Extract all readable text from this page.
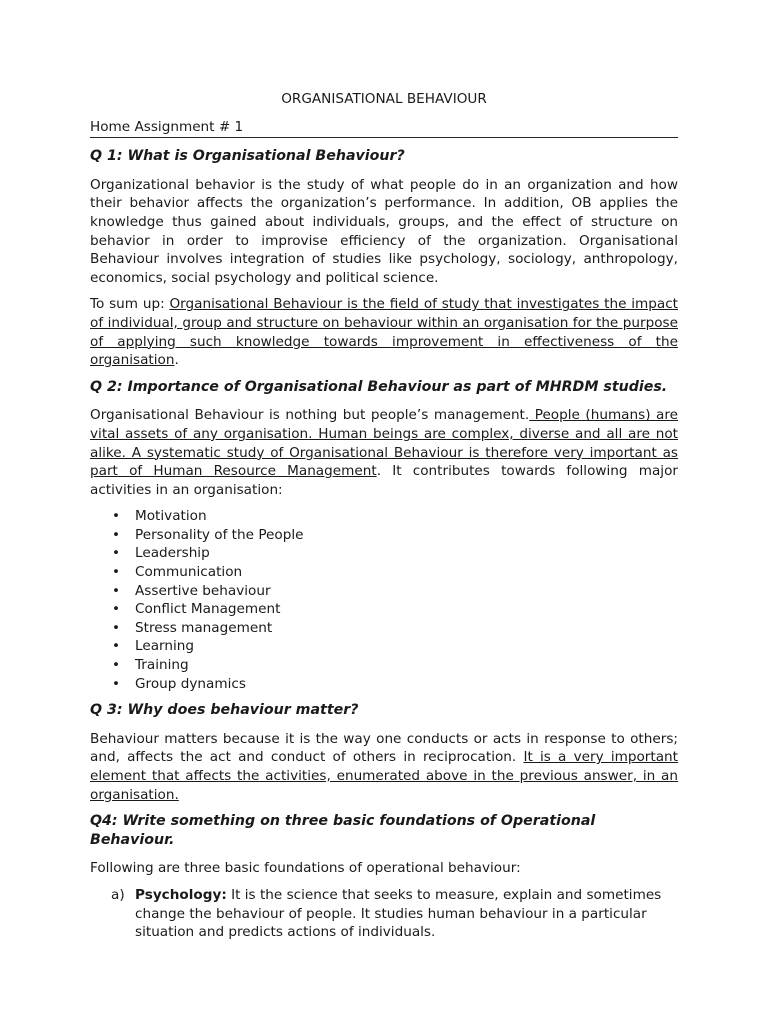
ORGANISATIONAL BEHAVIOUR
Home Assignment # 1
Q 1: What is Organisational Behaviour?
Organizational behavior is the study of what people do in an organization and how their behavior affects the organization’s performance. In addition, OB applies the knowledge thus gained about individuals, groups, and the effect of structure on behavior in order to improvise efficiency of the organization. Organisational Behaviour involves integration of studies like psychology, sociology, anthropology, economics, social psychology and political science.
To sum up: Organisational Behaviour is the field of study that investigates the impact of individual, group and structure on behaviour within an organisation for the purpose of applying such knowledge towards improvement in effectiveness of the organisation.
Q 2: Importance of Organisational Behaviour as part of MHRDM studies.
Organisational Behaviour is nothing but people’s management. People (humans) are vital assets of any organisation. Human beings are complex, diverse and all are not alike. A systematic study of Organisational Behaviour is therefore very important as part of Human Resource Management. It contributes towards following major activities in an organisation:
• Motivation
• Personality of the People
• Leadership
• Communication
• Assertive behaviour
• Conflict Management
• Stress management
• Learning
• Training
• Group dynamics
Q 3: Why does behaviour matter?
Behaviour matters because it is the way one conducts or acts in response to others; and, affects the act and conduct of others in reciprocation. It is a very important element that affects the activities, enumerated above in the previous answer, in an organisation.
Q4: Write something on three basic foundations of Operational Behaviour.
Following are three basic foundations of operational behaviour:
a) Psychology: It is the science that seeks to measure, explain and sometimes change the behaviour of people. It studies human behaviour in a particular situation and predicts actions of individuals.
